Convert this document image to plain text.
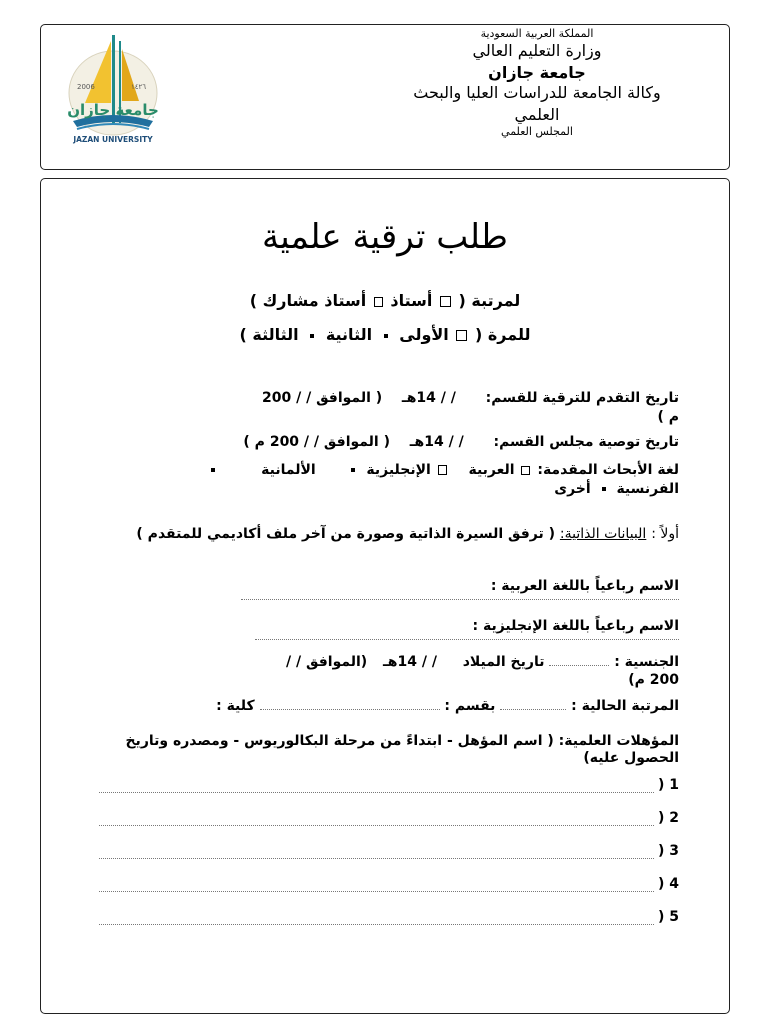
جامعة جازان
2006	١٤٢٦
JAZAN UNIVERSITY
المملكة العربية السعودية
وزارة التعليم العالي
جامعة جازان
وكالة الجامعة للدراسات العليا والبحث
العلمي
المجلس العلمي
طلب ترقية علمية
لمرتبة (  أستاذ  أستاذ مشارك )
للمرة (  الأولى  الثانية  الثالثة )
تاريخ التقدم للترقية للقسم:  / / 14هـ  ( الموافق / / 200
م )
تاريخ توصية مجلس القسم:  / / 14هـ  ( الموافق / / 200 م )
لغة الأبحاث المقدمة:  العربية   الإنجليزية   الألمانية
الفرنسية  أخرى
أولاً : البيانات الذاتية: ( ترفق السيرة الذاتية وصورة من آخر ملف أكاديمي للمتقدم )
الاسم رباعياً باللغة العربية :
الاسم رباعياً باللغة الإنجليزية :
الجنسية :  تاريخ الميلاد  / / 14هـ  (الموافق / /
200 م)
المرتبة الحالية :  بقسم :  كلية :
المؤهلات العلمية: ( اسم المؤهل - ابتداءً من مرحلة البكالوريوس - ومصدره وتاريخ الحصول عليه)
1 (
2 (
3 (
4 (
5 (
